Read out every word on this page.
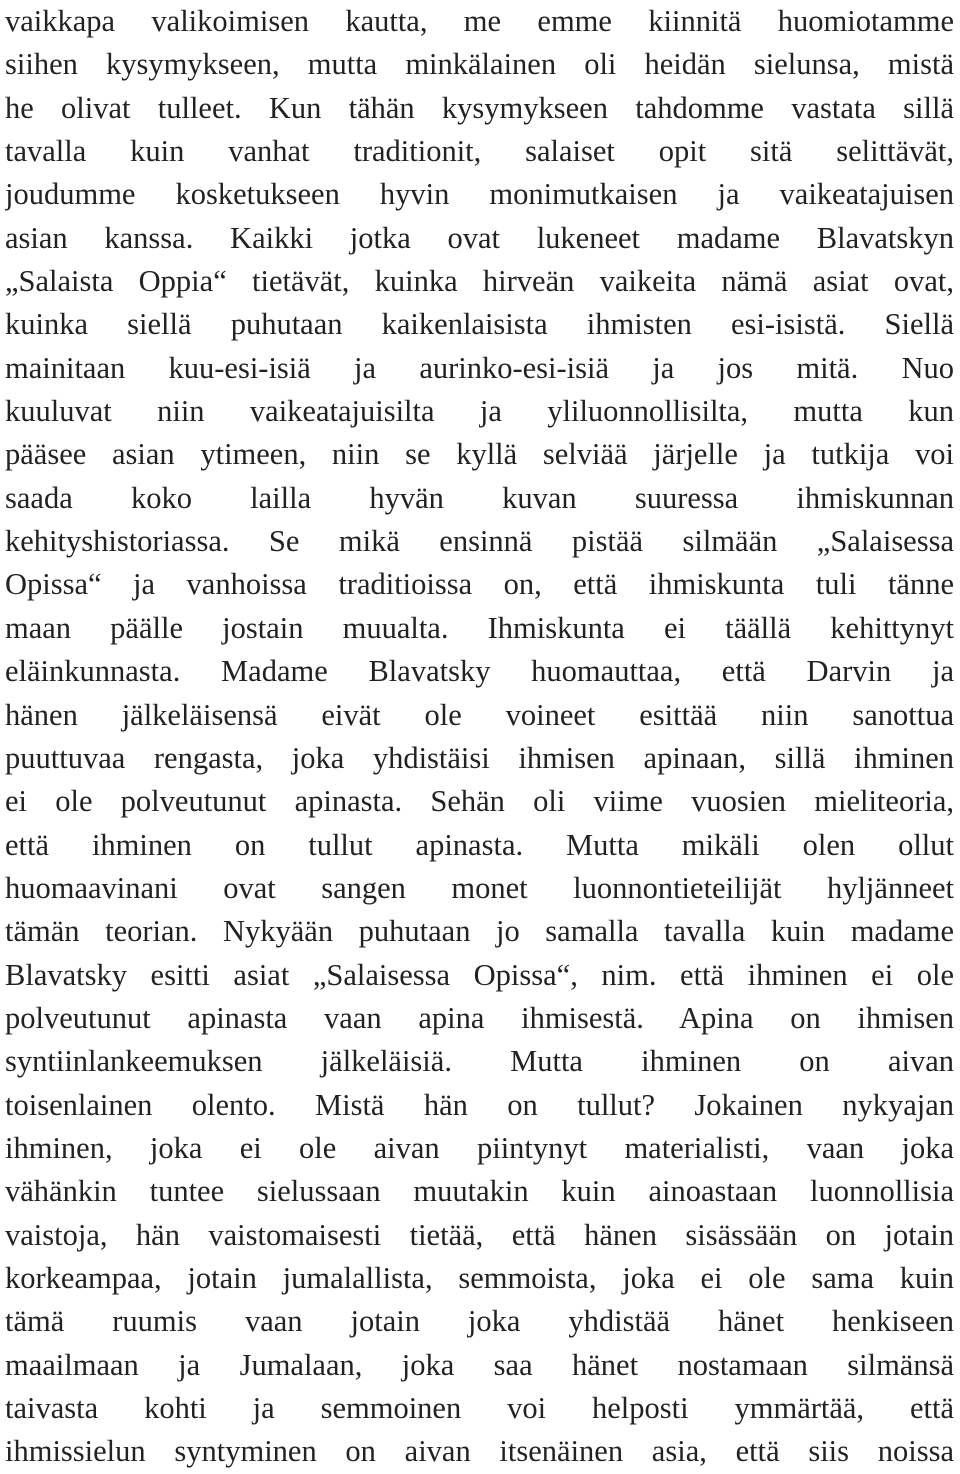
vaikkapa valikoimisen kautta, me emme kiinnitä huomiotamme
siihen kysymykseen, mutta minkälainen oli heidän sielunsa, mistä
he olivat tulleet. Kun tähän kysymykseen tahdomme vastata sillä
tavalla kuin vanhat traditionit, salaiset opit sitä selittävät,
joudumme kosketukseen hyvin monimutkaisen ja vaikeatajuisen
asian kanssa. Kaikki jotka ovat lukeneet madame Blavatskyn
„Salaista Oppia“ tietävät, kuinka hirveän vaikeita nämä asiat ovat,
kuinka siellä puhutaan kaikenlaisista ihmisten esi-isistä. Siellä
mainitaan kuu-esi-isiä ja aurinko-esi-isiä ja jos mitä. Nuo
kuuluvat niin vaikeatajuisilta ja yliluonnollisilta, mutta kun
pääsee asian ytimeen, niin se kyllä selviää järjelle ja tutkija voi
saada koko lailla hyvän kuvan suuressa ihmiskunnan
kehityshistoriassa. Se mikä ensinnä pistää silmään „Salaisessa
Opissa“ ja vanhoissa traditioissa on, että ihmiskunta tuli tänne
maan päälle jostain muualta. Ihmiskunta ei täällä kehittynyt
eläinkunnasta. Madame Blavatsky huomauttaa, että Darvin ja
hänen jälkeläisensä eivät ole voineet esittää niin sanottua
puuttuvaa rengasta, joka yhdistäisi ihmisen apinaan, sillä ihminen
ei ole polveutunut apinasta. Sehän oli viime vuosien mieliteoria,
että ihminen on tullut apinasta. Mutta mikäli olen ollut
huomaavinani ovat sangen monet luonnontieteilijät hyljänneet
tämän teorian. Nykyään puhutaan jo samalla tavalla kuin madame
Blavatsky esitti asiat „Salaisessa Opissa“, nim. että ihminen ei ole
polveutunut apinasta vaan apina ihmisestä. Apina on ihmisen
syntiinlankeemuksen jälkeläisiä. Mutta ihminen on aivan
toisenlainen olento. Mistä hän on tullut? Jokainen nykyajan
ihminen, joka ei ole aivan piintynyt materialisti, vaan joka
vähänkin tuntee sielussaan muutakin kuin ainoastaan luonnollisia
vaistoja, hän vaistomaisesti tietää, että hänen sisässään on jotain
korkeampaa, jotain jumalallista, semmoista, joka ei ole sama kuin
tämä ruumis vaan jotain joka yhdistää hänet henkiseen
maailmaan ja Jumalaan, joka saa hänet nostamaan silmänsä
taivasta kohti ja semmoinen voi helposti ymmärtää, että
ihmissielun syntyminen on aivan itsenäinen asia, että siis noissa
